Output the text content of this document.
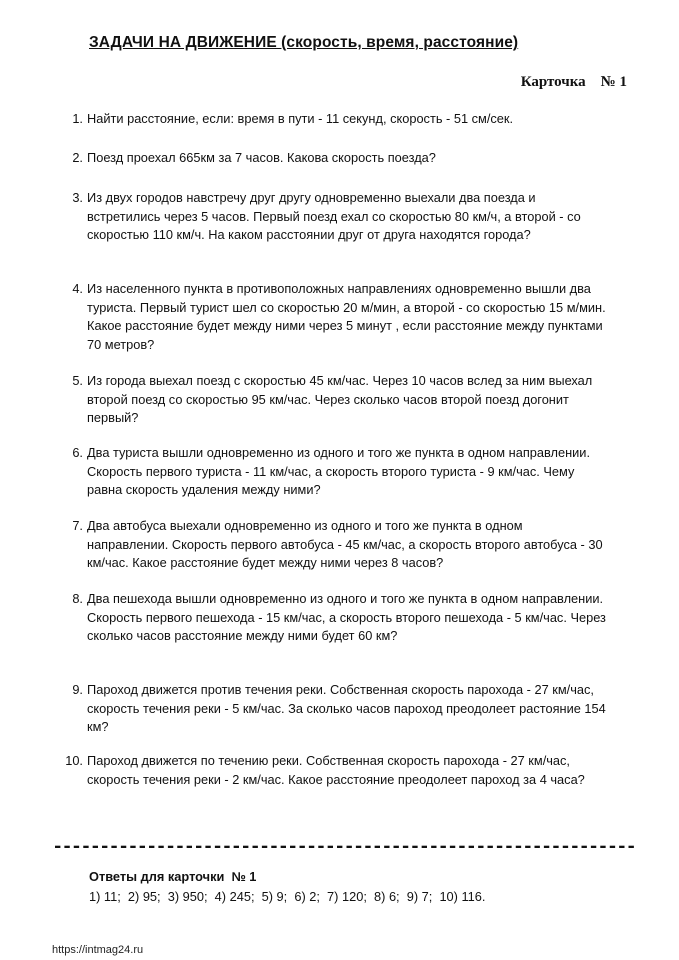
ЗАДАЧИ НА ДВИЖЕНИЕ (скорость, время, расстояние)
Карточка    № 1
1. Найти расстояние, если: время в пути - 11 секунд, скорость - 51 см/сек.
2. Поезд проехал 665км за 7 часов. Какова скорость поезда?
3. Из двух городов навстречу друг другу одновременно выехали два поезда и встретились через 5 часов. Первый поезд ехал со скоростью 80 км/ч, а второй - со скоростью 110 км/ч. На каком расстоянии друг от друга находятся города?
4. Из населенного пункта в противоположных направлениях одновременно вышли два туриста. Первый турист шел со скоростью 20 м/мин, а второй - со скоростью 15 м/мин. Какое расстояние будет между ними через 5 минут , если расстояние между пунктами 70 метров?
5. Из города выехал поезд с скоростью 45 км/час. Через 10 часов вслед за ним выехал второй поезд со скоростью 95 км/час. Через сколько часов второй поезд догонит первый?
6. Два туриста вышли одновременно из одного и того же пункта в одном направлении. Скорость первого туриста - 11 км/час, а скорость второго туриста - 9 км/час. Чему равна скорость удаления между ними?
7. Два автобуса выехали одновременно из одного и того же пункта в одном направлении. Скорость первого автобуса - 45 км/час, а скорость второго автобуса - 30 км/час. Какое расстояние будет между ними через 8 часов?
8. Два пешехода вышли одновременно из одного и того же пункта в одном направлении. Скорость первого пешехода - 15 км/час, а скорость второго пешехода - 5 км/час. Через сколько часов расстояние между ними будет 60 км?
9. Пароход движется против течения реки. Собственная скорость парохода - 27 км/час, скорость течения реки - 5 км/час. За сколько часов пароход преодолеет растояние 154 км?
10. Пароход движется по течению реки. Собственная скорость парохода - 27 км/час, скорость течения реки - 2 км/час. Какое расстояние преодолеет пароход за 4 часа?
--------------------------------------------------------------
Ответы для карточки  № 1
1) 11;  2) 95;  3) 950;  4) 245;  5) 9;  6) 2;  7) 120;  8) 6;  9) 7;  10) 116.
https://intmag24.ru
